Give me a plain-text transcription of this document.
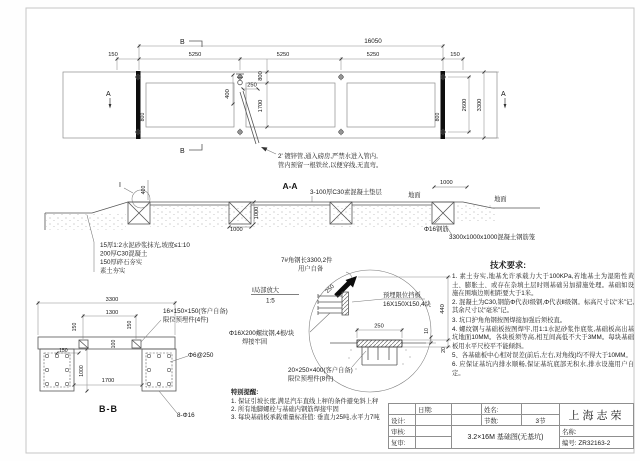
16050
150	5250	5250	5250	150
3300
2600
800	800
800
1700
250
400
B
B
A	A
2' 镀锌管,通入磅房,严禁水进入管内,
管内预留一根铁丝,以便穿线,无直弯。
A-A
3-100厚C30素混凝土垫层	地面
地面
I
400
1000
1000
1000
Φ16钢筋
3300x1000x1000混凝土钢筋笼
15厚1:2水泥砂浆抹光,坡度≤1:10
200厚C30混凝土
150厚碎石夯实
素土夯实
3300
1300
150	150
150
100
1000
1700
B-B
16×150×150(客户自备)
限位预埋件(4件)
Φ6@250
8-Φ16
7#角钢长3300,2件
用户自备
Ⅰ局部放大
1:5
预埋限位挡板
16X150X150,4块
Φ16X200螺纹钢,4根/块
焊接牢固
20×250×400(客户自备)
限位预埋件(8件)
250
250
440
10
20
技术要求:

1. 素土夯实,地基允许承载力大于100KPa,若地基土为湿陷性黄土、膨胀土、或存在杂填土层时则基础另加措施处理。基础如设施在围墙边则相距要大于1米。

2. 混凝土为C30,钢筋Φ代表Ⅰ级钢,Φ代表Ⅱ级钢。标高尺寸以“米”记,其余尺寸以“毫米”记。

3. 坑口护角角钢按图焊接加强后须校直。

4. 螺纹钢与基础板按图焊牢,用1:1水泥砂浆作底浆,基础板高出基坑地面10MM。各块板须等高,相互间高低不大于3MM。每块基础板用水平尺校平不能倾斜。

5、各基础板中心相对误差(前后,左右,对角线)均不得大于10MM。

6. 应保证基坑内排水顺畅,保证基坑底部无积水,排水设施用户自定。

特别提醒:

1. 保证引坡长度,满足汽车直线上秤的条件避免斜上秤

2. 所有地脚螺栓与基础内钢筋焊接牢固

3. 每块基础板承载重量标准值: 垂直力25吨,水平力7吨

日期:	姓名:	上海志荣
设计:	节数:	3节
审核:
3.2×16M 基础图(无基坑)
名称:
复审:	编号: ZR32163-2
